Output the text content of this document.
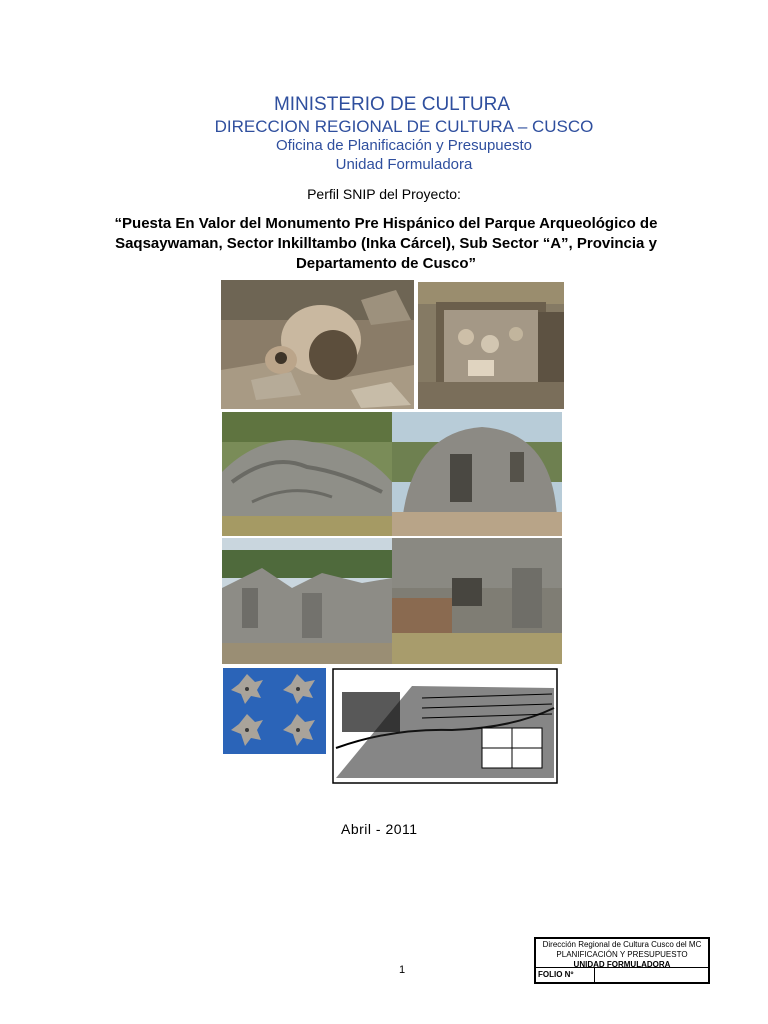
MINISTERIO DE CULTURA
DIRECCION REGIONAL DE CULTURA – CUSCO
Oficina de Planificación y Presupuesto
Unidad Formuladora
Perfil SNIP del Proyecto:
“Puesta En Valor del Monumento Pre Hispánico del Parque Arqueológico de Saqsaywaman, Sector Inkilltambo (Inka Cárcel), Sub Sector “A”, Provincia y Departamento de Cusco”
Abril - 2011
1
Dirección Regional de Cultura Cusco del MC
PLANIFICACIÓN Y PRESUPUESTO
UNIDAD FORMULADORA
FOLIO Nº
